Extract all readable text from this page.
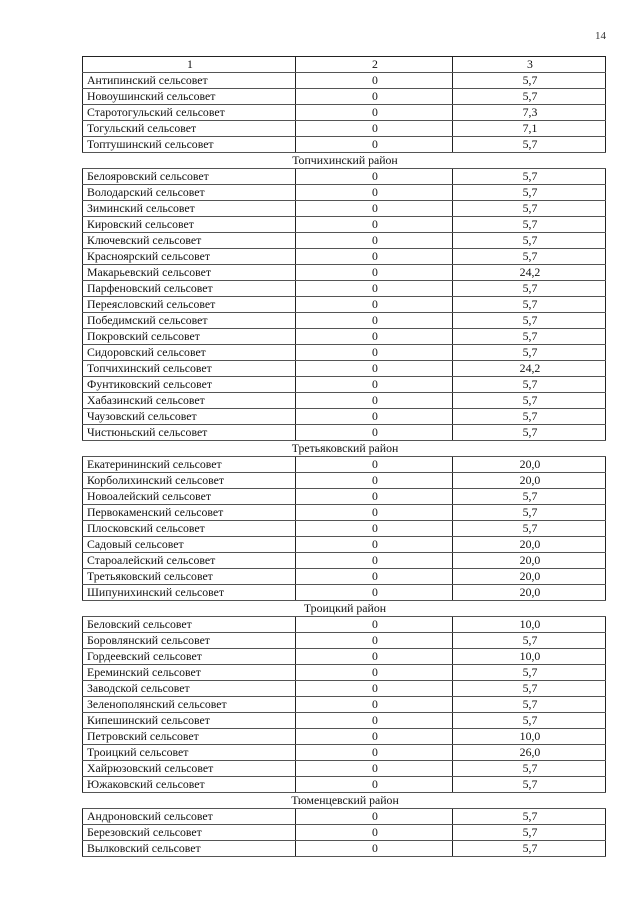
14
1	2	3
Антипинский сельсовет	0	5,7
Новоушинский сельсовет	0	5,7
Старотогульский сельсовет	0	7,3
Тогульский сельсовет	0	7,1
Топтушинский сельсовет	0	5,7
Топчихинский район		
Белояровский сельсовет	0	5,7
Володарский сельсовет	0	5,7
Зиминский сельсовет	0	5,7
Кировский сельсовет	0	5,7
Ключевский сельсовет	0	5,7
Красноярский сельсовет	0	5,7
Макарьевский сельсовет	0	24,2
Парфеновский сельсовет	0	5,7
Переясловский сельсовет	0	5,7
Победимский сельсовет	0	5,7
Покровский сельсовет	0	5,7
Сидоровский сельсовет	0	5,7
Топчихинский сельсовет	0	24,2
Фунтиковский сельсовет	0	5,7
Хабазинский сельсовет	0	5,7
Чаузовский сельсовет	0	5,7
Чистюньский сельсовет	0	5,7
Третьяковский район		
Екатерининский сельсовет	0	20,0
Корболихинский сельсовет	0	20,0
Новоалейский сельсовет	0	5,7
Первокаменский сельсовет	0	5,7
Плосковский сельсовет	0	5,7
Садовый сельсовет	0	20,0
Староалейский сельсовет	0	20,0
Третьяковский сельсовет	0	20,0
Шипунихинский сельсовет	0	20,0
Троицкий район		
Беловский сельсовет	0	10,0
Боровлянский сельсовет	0	5,7
Гордеевский сельсовет	0	10,0
Ереминский сельсовет	0	5,7
Заводской сельсовет	0	5,7
Зеленополянский сельсовет	0	5,7
Кипешинский сельсовет	0	5,7
Петровский сельсовет	0	10,0
Троицкий сельсовет	0	26,0
Хайрюзовский сельсовет	0	5,7
Южаковский сельсовет	0	5,7
Тюменцевский район		
Андроновский сельсовет	0	5,7
Березовский сельсовет	0	5,7
Вылковский сельсовет	0	5,7
